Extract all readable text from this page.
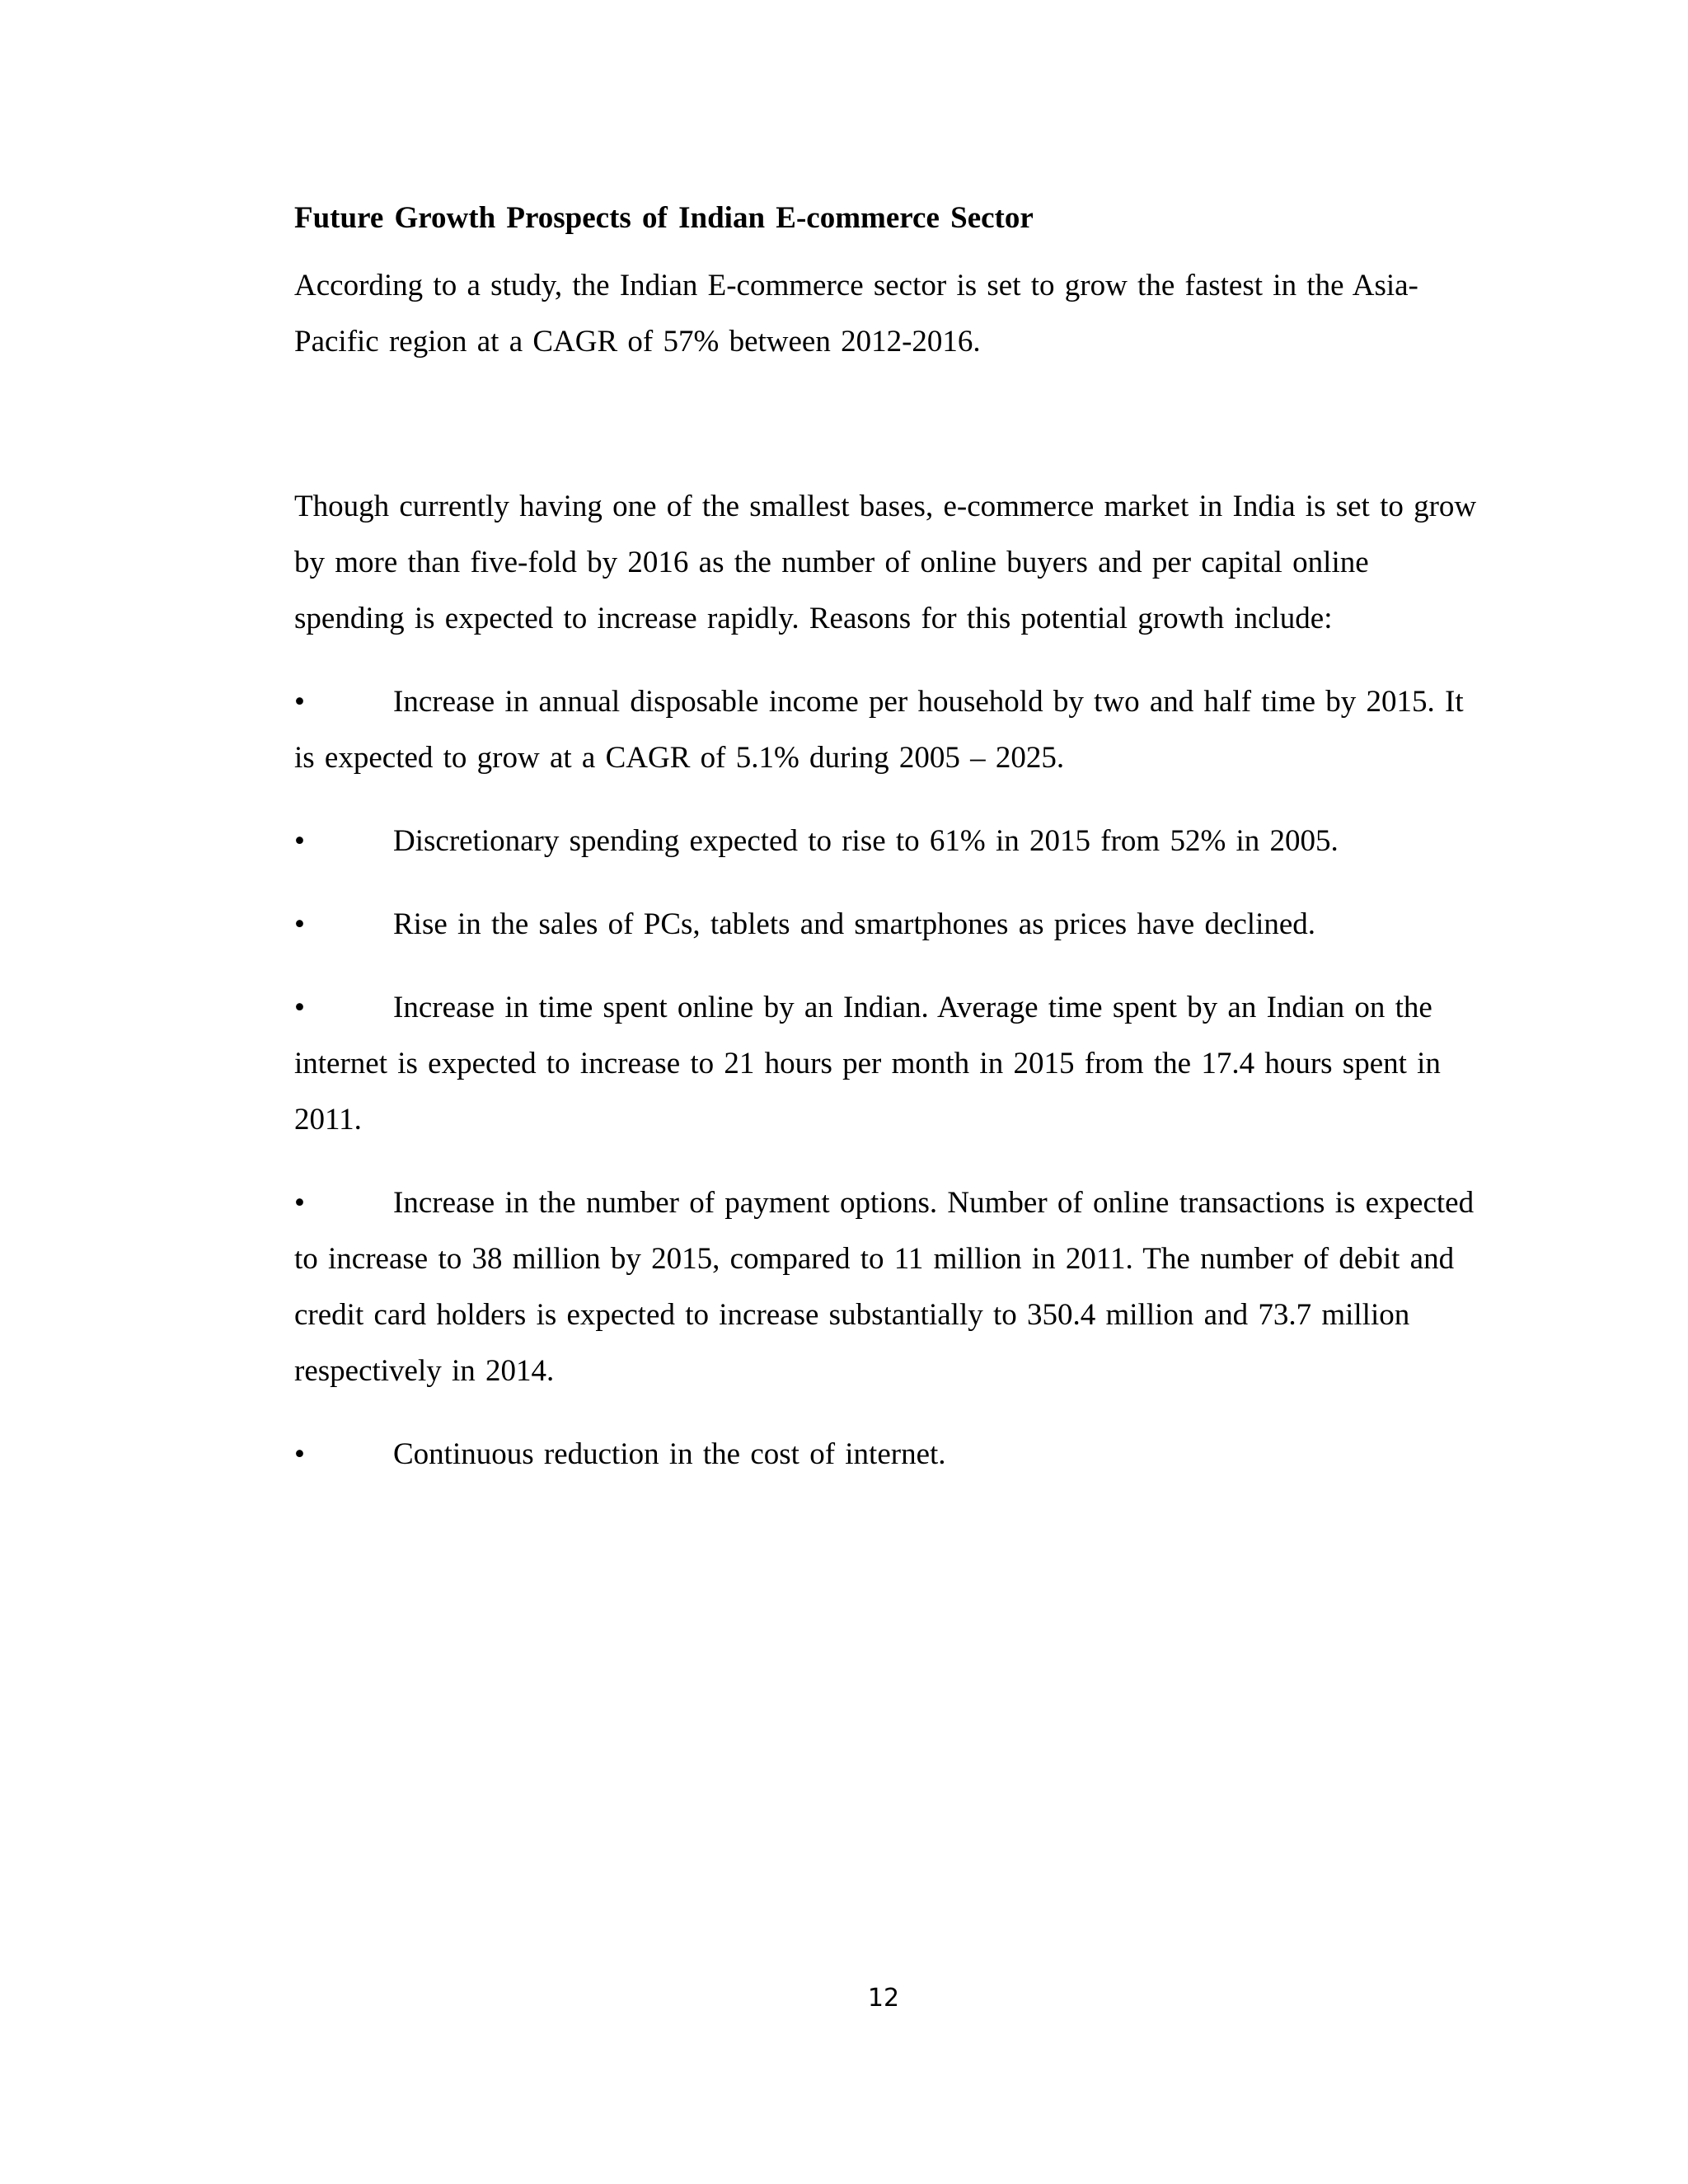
Future Growth Prospects of Indian E-commerce Sector

According to a study, the Indian E-commerce sector is set to grow the fastest in the Asia-Pacific region at a CAGR of 57% between 2012-2016.

Though currently having one of the smallest bases, e-commerce market in India is set to grow by more than five-fold by 2016 as the number of online buyers and per capital online spending is expected to increase rapidly. Reasons for this potential growth include:

•	Increase in annual disposable income per household by two and half time by 2015. It is expected to grow at a CAGR of 5.1% during 2005 – 2025.

•	Discretionary spending expected to rise to 61% in 2015 from 52% in 2005.

•	Rise in the sales of PCs, tablets and smartphones as prices have declined.

•	Increase in time spent online by an Indian. Average time spent by an Indian on the internet is expected to increase to 21 hours per month in 2015 from the 17.4 hours spent in 2011.

•	Increase in the number of payment options. Number of online transactions is expected to increase to 38 million by 2015, compared to 11 million in 2011. The number of debit and credit card holders is expected to increase substantially to 350.4 million and 73.7 million respectively in 2014.

•	Continuous reduction in the cost of internet.

12
